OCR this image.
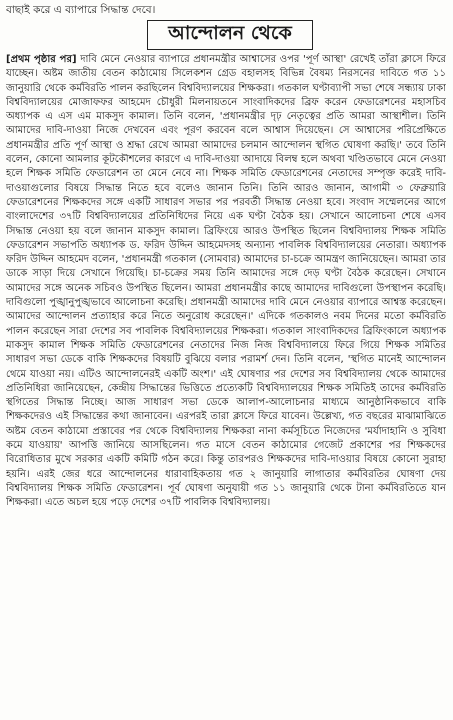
বাছাই করে এ ব্যাপারে সিদ্ধান্ত দেবে।
আন্দোলন থেকে

[প্রথম পৃষ্ঠার পর] দাবি মেনে নেওয়ার ব্যাপারে প্রধানমন্ত্রীর আশ্বাসের ওপর 'পূর্ণ আস্থা' রেখেই তাঁরা ক্লাসে ফিরে যাচ্ছেন। অষ্টম জাতীয় বেতন কাঠামোয় সিলেকশন গ্রেড বহালসহ বিভিন্ন বৈষম্য নিরসনের দাবিতে গত ১১ জানুয়ারি থেকে কর্মবিরতি পালন করছিলেন বিশ্ববিদ্যালয়ের শিক্ষকরা। গতকাল ঘণ্টাব্যাপী সভা শেষে সন্ধ্যায় ঢাকা বিশ্ববিদ্যালয়ের মোজাফফর আহমেদ চৌধুরী মিলনায়তনে সাংবাদিকদের ব্রিফ করেন ফেডারেশনের মহাসচিব অধ্যাপক এ এস এম মাকসুদ কামাল। তিনি বলেন, 'প্রধানমন্ত্রীর দৃঢ় নেতৃত্বের প্রতি আমরা আস্থাশীল। তিনি আমাদের দাবি-দাওয়া নিজে দেখবেন এবং পূরণ করবেন বলে আশ্বাস দিয়েছেন। সে আশ্বাসের পরিপ্রেক্ষিতে প্রধানমন্ত্রীর প্রতি পূর্ণ আস্থা ও শ্রদ্ধা রেখে আমরা আমাদের চলমান আন্দোলন স্থগিত ঘোষণা করছি।' তবে তিনি বলেন, কোনো আমলার কূটকৌশলের কারণে এ দাবি-দাওয়া আদায়ে বিলম্ব হলে অথবা খণ্ডিতভাবে মেনে নেওয়া হলে শিক্ষক সমিতি ফেডারেশন তা মেনে নেবে না। শিক্ষক সমিতি ফেডারেশনের নেতাদের সম্পৃক্ত করেই দাবি-দাওয়াগুলোর বিষয়ে সিদ্ধান্ত নিতে হবে বলেও জানান তিনি। তিনি আরও জানান, আগামী ৩ ফেব্রুয়ারি ফেডারেশনের শিক্ষকদের সঙ্গে একটি সাধারণ সভার পর পরবর্তী সিদ্ধান্ত নেওয়া হবে। সংবাদ সম্মেলনের আগে বাংলাদেশের ৩৭টি বিশ্ববিদ্যালয়ের প্রতিনিধিদের নিয়ে এক ঘণ্টা বৈঠক হয়। সেখানে আলোচনা শেষে এসব সিদ্ধান্ত নেওয়া হয় বলে জানান মাকসুদ কামাল। ব্রিফিংয়ে আরও উপস্থিত ছিলেন বিশ্ববিদ্যালয় শিক্ষক সমিতি ফেডারেশন সভাপতি অধ্যাপক ড. ফরিদ উদ্দিন আহমেদসহ অন্যান্য পাবলিক বিশ্ববিদ্যালয়ের নেতারা। অধ্যাপক ফরিদ উদ্দিন আহমেদ বলেন, 'প্রধানমন্ত্রী গতকাল (সোমবার) আমাদের চা-চক্রে আমন্ত্রণ জানিয়েছেন। আমরা তার ডাকে সাড়া দিয়ে সেখানে গিয়েছি। চা-চক্রের সময় তিনি আমাদের সঙ্গে দেড় ঘণ্টা বৈঠক করেছেন। সেখানে আমাদের সঙ্গে অনেক সচিবও উপস্থিত ছিলেন। আমরা প্রধানমন্ত্রীর কাছে আমাদের দাবিগুলো উপস্থাপন করেছি। দাবিগুলো পুঙ্খানুপুঙ্খভাবে আলোচনা করেছি। প্রধানমন্ত্রী আমাদের দাবি মেনে নেওয়ার ব্যাপারে আশ্বস্ত করেছেন। আমাদের আন্দোলন প্রত্যাহার করে নিতে অনুরোধ করেছেন।' এদিকে গতকালও নবম দিনের মতো কর্মবিরতি পালন করেছেন সারা দেশের সব পাবলিক বিশ্ববিদ্যালয়ের শিক্ষকরা। গতকাল সাংবাদিকদের ব্রিফিংকালে অধ্যাপক মাকসুদ কামাল শিক্ষক সমিতি ফেডারেশনের নেতাদের নিজ নিজ বিশ্ববিদ্যালয়ে ফিরে গিয়ে শিক্ষক সমিতির সাধারণ সভা ডেকে বাকি শিক্ষকদের বিষয়টি বুঝিয়ে বলার পরামর্শ দেন। তিনি বলেন, 'স্থগিত মানেই আন্দোলন থেমে যাওয়া নয়। এটিও আন্দোলনেরই একটি অংশ।' এই ঘোষণার পর দেশের সব বিশ্ববিদ্যালয় থেকে আমাদের প্রতিনিধিরা জানিয়েছেন, কেন্দ্রীয় সিদ্ধান্তের ভিত্তিতে প্রত্যেকটি বিশ্ববিদ্যালয়ের শিক্ষক সমিতিই তাদের কর্মবিরতি স্থগিতের সিদ্ধান্ত নিচ্ছে। আজ সাধারণ সভা ডেকে আলাপ-আলোচনার মাধ্যমে আনুষ্ঠানিকভাবে বাকি শিক্ষকদেরও এই সিদ্ধান্তের কথা জানাবেন। এরপরই তারা ক্লাসে ফিরে যাবেন। উল্লেখ্য, গত বছরের মাঝামাঝিতে অষ্টম বেতন কাঠামো প্রস্তাবের পর থেকে বিশ্ববিদ্যালয় শিক্ষকরা নানা কর্মসূচিতে নিজেদের 'মর্যাদাহানি ও সুবিধা কমে যাওয়ায়' আপত্তি জানিয়ে আসছিলেন। গত মাসে বেতন কাঠামোর গেজেট প্রকাশের পর শিক্ষকদের বিরোধিতার মুখে সরকার একটি কমিটি গঠন করে। কিন্তু তারপরও শিক্ষকদের দাবি-দাওয়ার বিষয়ে কোনো সুরাহা হয়নি। এরই জের ধরে আন্দোলনের ধারাবাহিকতায় গত ২ জানুয়ারি লাগাতার কর্মবিরতির ঘোষণা দেয় বিশ্ববিদ্যালয় শিক্ষক সমিতি ফেডারেশন। পূর্ব ঘোষণা অনুযায়ী গত ১১ জানুয়ারি থেকে টানা কর্মবিরতিতে যান শিক্ষকরা। এতে অচল হয়ে পড়ে দেশের ৩৭টি পাবলিক বিশ্ববিদ্যালয়।
